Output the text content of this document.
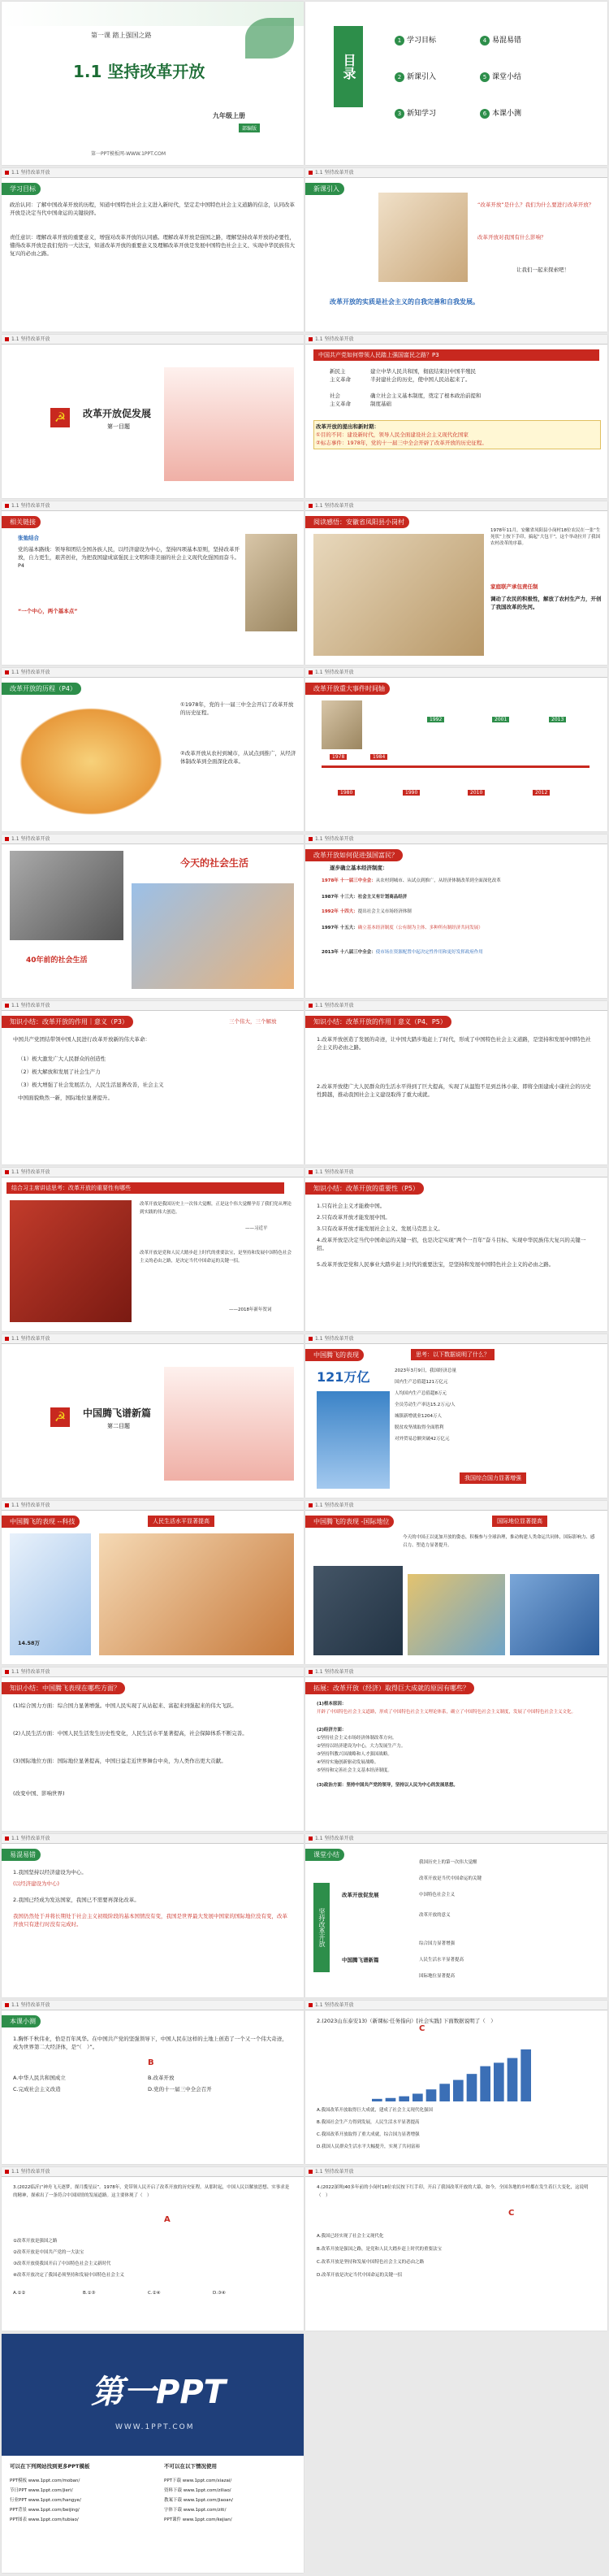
第一课 踏上强国之路
1.1 坚持改革开放
九年级上册
部编版
第一PPT模板网-WWW.1PPT.COM
目录
1 学习目标
2 新课引入
3 新知学习
4 易混易错
5 课堂小结
6 本课小测
1.1 坚持改革开放
学习目标
政治认同：了解中国改革开放的历程，知道中国特色社会主义进入新时代，坚定走中国特色社会主义道路的信念，认同改革开放是决定当代中国命运的关键抉择。
责任意识：理解改革开放的重要意义，增强对改革开放的认同感。理解改革开放是强国之路，理解坚持改革开放的必要性，懂得改革开放是我们党的一大法宝，知道改革开放的重要意义及理解改革开放是发展中国特色社会主义、实现中华民族伟大复兴的必由之路。
1.1 坚持改革开放
新课引入
“改革开放”是什么？我们为什么要进行改革开放？
改革开放对我国有什么影响？
让我们一起来探索吧！
改革开放的实质是社会主义的自我完善和自我发展。
1.1 坚持改革开放
☭	改革开放促发展
第一目题
1.1 坚持改革开放
中国共产党如何带领人民踏上强国富民之路？P3
新民主
主义革命
建立中华人民共和国，彻底结束旧中国半殖民
半封建社会的历史，使中国人民站起来了。
社会
主义革命
确立社会主义基本制度，奠定了根本政治前提和
制度基础
改革开放的提出和新时期：
①目的不同：建设新时代，领导人民全面建设社会主义现代化国家
②标志事件：1978年，党的十一届三中全会开辟了改革开放的历史征程。
1.1 坚持改革开放
相关链接
张弛结合
党的基本路线：领导和团结全国各族人民，以经济建设为中心，坚持四项基本原则，坚持改革开放，自力更生，艰苦创业，为把我国建成富强民主文明和谐美丽的社会主义现代化强国而奋斗。P4
“一个中心，两个基本点”
1.1 坚持改革开放
阅读感悟：安徽省凤阳县小岗村
1978年11月，安徽省凤阳县小岗村18位农民在一张“生死状”上按下手印，搞起“大包干”，这个举动拉开了我国农村改革的序幕。
家庭联产承包责任制
调动了农民的积极性，解放了农村生产力，开创了我国改革的先河。
1.1 坚持改革开放
改革开放的历程（P4）
①1978年，党的十一届三中全会开启了改革开放的历史征程。
②改革开放从农村到城市，从试点到推广，从经济体制改革到全面深化改革。
1.1 坚持改革开放
改革开放重大事件时间轴
1978	1984
1992	2001	2013
1980	1990	2010	2012
1.1 坚持改革开放
40年前的社会生活
今天的社会生活
1.1 坚持改革开放
改革开放如何促进强国富民？
逐步确立基本经济制度：
1978年 十一届三中全会：从农村到城市、从试点到推广，从经济体制改革到全面深化改革
1987年 十三大：社会主义有计划商品经济
1992年 十四大：提出社会主义市场经济体制
1997年 十五大：确立基本经济制度（公有制为主体、多种所有制经济共同发展）
2013年 十八届三中全会：使市场在资源配置中起决定性作用和更好发挥政府作用
1.1 坚持改革开放
知识小结：改革开放的作用｜意义（P3）	三个伟大，三个解放
中国共产党团结带领中国人民进行改革开放新的伟大革命：
（1）极大激发广大人民群众的创造性
（2）极大解放和发展了社会生产力
（3）极大增强了社会发展活力，人民生活显著改善，社会主义
中国面貌焕然一新，国际地位显著提升。
1.1 坚持改革开放
知识小结：改革开放的作用｜意义（P4、P5）
1.改革开放创造了发展的奇迹，让中国大踏步地赶上了时代，形成了中国特色社会主义道路，是坚持和发展中国特色社会主义的必由之路。
2.改革开放使广大人民群众的生活水平得到了巨大提高，实现了从温饱不足到总体小康、即将全面建成小康社会的历史性跨越，推动我国社会主义建设取得了重大成就。
1.1 坚持改革开放
结合习主席讲话思考：改革开放的重要性有哪些
改革开放是我国历史上一次伟大觉醒，正是这个伟大觉醒孕育了我们党从理论到实践的伟大创造。
——习近平
改革开放是党和人民大踏步赶上时代的重要法宝，是坚持和发展中国特色社会主义的必由之路，是决定当代中国命运的关键一招。
——2018年新年贺词
1.1 坚持改革开放
知识小结：改革开放的重要性（P5）
1.只有社会主义才能救中国。
2.只有改革开放才能发展中国。
3.只有改革开放才能发展社会主义、发展马克思主义。
4.改革开放是决定当代中国命运的关键一招，也是决定实现“两个一百年”奋斗目标、实现中华民族伟大复兴的关键一招。
5.改革开放是党和人民事业大踏步赶上时代的重要法宝，是坚持和发展中国特色社会主义的必由之路。
1.1 坚持改革开放
☭	中国腾飞谱新篇
第二目题
1.1 坚持改革开放
中国腾飞的表现	思考：以下数据说明了什么？
121万亿	2023年3月9日，我国经济总量
国内生产总值超121万亿元
人均国内生产总值超8万元
全员劳动生产率达15.2万元/人
城镇新增就业1204万人
脱贫攻坚战取得全面胜利
对外贸易总额突破42万亿元
我国综合国力显著增强
1.1 坚持改革开放
中国腾飞的表现 --科技	人民生活水平显著提高
14.58万
1.1 坚持改革开放
中国腾飞的表现 -国际地位	国际地位显著提高
今天的中国正以更加开放的姿态，积极参与全球治理，推动构建人类命运共同体，国际影响力、感召力、塑造力显著提升。
1.1 坚持改革开放
知识小结：中国腾飞表现在哪些方面？
(1)综合国力方面：综合国力显著增强。中国人民实现了从站起来、富起来到强起来的伟大飞跃。
(2)人民生活方面：中国人民生活发生历史性变化，人民生活水平显著提高，社会保障体系不断完善。
(3)国际地位方面：国际地位显著提高，中国日益走近世界舞台中央，为人类作出更大贡献。
(改变中国、影响世界)
1.1 坚持改革开放
拓展：改革开放（经济）取得巨大成就的原因有哪些？
(1)根本原因：
开辟了中国特色社会主义道路，形成了中国特色社会主义理论体系，确立了中国特色社会主义制度，发展了中国特色社会主义文化。
(2)经济方面：
①坚持社会主义市场经济体制改革方向。
②坚持以经济建设为中心，大力发展生产力。
③坚持科教兴国战略和人才强国战略。
④坚持实施创新驱动发展战略。
⑤坚持和完善社会主义基本经济制度。
(3)政治方面：坚持中国共产党的领导，坚持以人民为中心的发展思想。
1.1 坚持改革开放
易混易错
1.我国坚持以经济建设为中心。
(以经济建设为中心)
2.我国已经成为发达国家，我国已不需要再深化改革。
我国仍然处于并将长期处于社会主义初级阶段的基本国情没有变，我国是世界最大发展中国家的国际地位没有变，改革开放只有进行时没有完成时。
1.1 坚持改革开放
课堂小结
坚持改革开放
改革开放促发展
中国腾飞谱新篇
我国历史上的第一次伟大觉醒
改革开放是当代中国命运的关键
中国特色社会主义
改革开放的意义
综合国力显著增强
人民生活水平显著提高
国际地位显著提高
1.1 坚持改革开放
本课小测
1.胸怀千秋伟业，恰是百年风华。在中国共产党的坚强领导下，中国人民在这样的土地上创造了一个又一个伟大奇迹，成为世界第二大经济体，是“（　）”。
B
A.中华人民共和国成立	B.改革开放
C.完成社会主义改造	D.党的十一届三中全会召开
1.1 坚持改革开放
2.(2023山东泰安13)（新课标·任务指向）[社会实践] 下面数据说明了（　）
C
A.我国改革开放取得巨大成就，建成了社会主义现代化强国
B.我国社会生产力得到发展，人民生活水平显著提高
C.我国改革开放取得了重大成就，综合国力显著增强
D.我国人民群众生活水平大幅提升，实现了共同富裕
1.1 坚持改革开放
3.(2022临沂)“神舟飞天逐梦，探月揽星辰”。1978年，党带领人民开启了改革开放的历史征程。从那时起，中国人民以解放思想、实事求是的精神，探索出了一条符合中国国情的发展道路。这主要体现了（　）
A
①改革开放是强国之路
②改革开放是中国共产党的一大法宝
③改革开放使我国开启了中国特色社会主义新时代
④改革开放决定了我国必须坚持和发展中国特色社会主义
A.①②	B.①③	C.②④	D.③④
1.1 坚持改革开放
4.(2022深圳)40多年前的小岗村18位农民按下红手印，开启了我国改革开放的大幕，如今，全国各地的乡村都在发生着巨大变化，这说明（　）
C
A.我国已经实现了社会主义现代化
B.改革开放是强国之路，是党和人民大踏步赶上时代的重要法宝
C.改革开放是坚持和发展中国特色社会主义的必由之路
D.改革开放是决定当代中国命运的关键一招
第一PPT
WWW.1PPT.COM
可以在下列网站找到更多PPT模板	不可以在以下情况使用
PPT模板 www.1ppt.com/moban/
节日PPT www.1ppt.com/jieri/
行业PPT www.1ppt.com/hangye/
PPT背景 www.1ppt.com/beijing/
PPT图表 www.1ppt.com/tubiao/
PPT下载 www.1ppt.com/xiazai/
资料下载 www.1ppt.com/ziliao/
教案下载 www.1ppt.com/jiaoan/
字体下载 www.1ppt.com/ziti/
PPT课件 www.1ppt.com/kejian/
